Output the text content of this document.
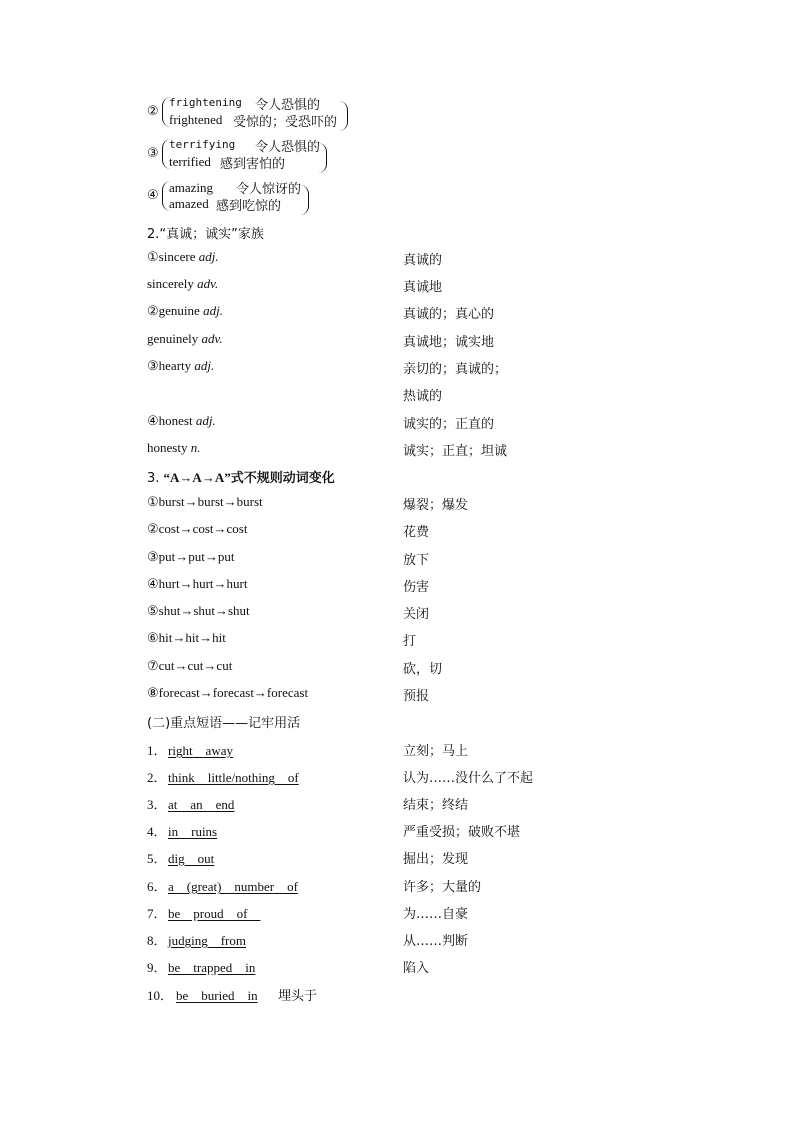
②
frightening 令人恐惧的
frightened 受惊的；受恐吓的
③
terrifying 令人恐惧的
terrified 感到害怕的
④
amazing 令人惊讶的
amazed 感到吃惊的
2.“真诚；诚实”家族
①sincere adj.	真诚的
sincerely adv.	真诚地
②genuine adj.	真诚的；真心的
genuinely adv.	真诚地；诚实地
③hearty adj.	亲切的；真诚的；
热诚的
④honest adj.	诚实的；正直的
honesty n.	诚实；正直；坦诚
3. “A→A→A”式不规则动词变化
①burst→burst→burst	爆裂；爆发
②cost→cost→cost	花费
③put→put→put	放下
④hurt→hurt→hurt	伤害
⑤shut→shut→shut	关闭
⑥hit→hit→hit	打
⑦cut→cut→cut	砍，切
⑧forecast→forecast→forecast	预报
(二)重点短语——记牢用活
1． right　away	立刻；马上
2． think　little/nothing　of	认为……没什么了不起
3． at　an　end	结束；终结
4． in　ruins	严重受损；破败不堪
5． dig　out	掘出；发现
6． a　(great)　number　of	许多；大量的
7． be　proud　of　	为……自豪
8． judging　from	从……判断
9． be　trapped　in	陷入
10． be　buried　in 埋头于
